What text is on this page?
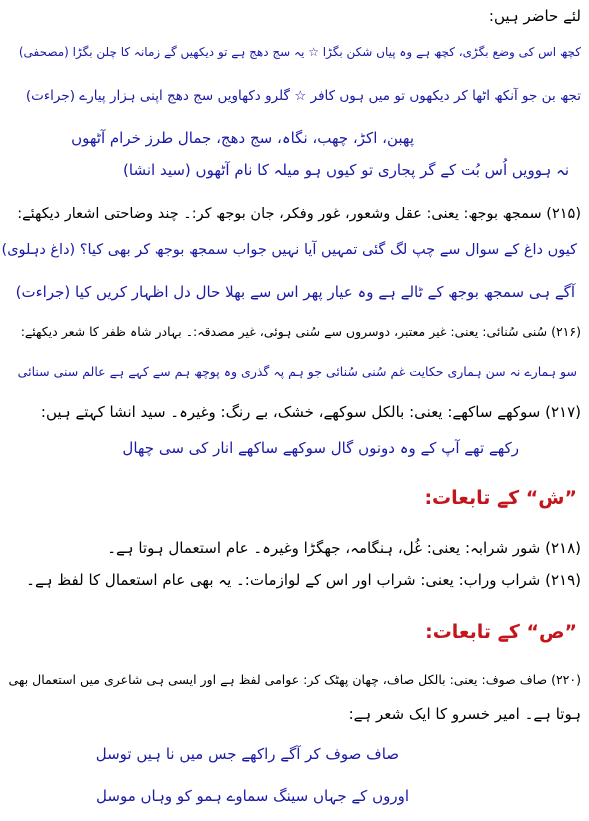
لئے حاضر ہیں:
کچھ اس کی وضع بگڑی، کچھ ہے وہ پیاں شکن بگڑا ☆ یہ سج دھج ہے تو دیکھیں گے زمانہ کا چلن بگڑا (مصحفی)
تجھ بن جو آنکھ اٹھا کر دیکھوں تو میں ہوں کافر ☆ گلرو دکھاویں سج دھج اپنی ہزار پیارے (جراءت)
پھبن، اکڑ، چھب، نگاہ، سج دھج، جمال طرز خرام آٹھوں
نہ ہوویں اُس بُت کے گر پجاری تو کیوں ہو میلہ کا نام آٹھوں (سید انشا)
(۲۱۵) سمجھ بوجھ: یعنی: عقل وشعور، غور وفکر، جان بوجھ کر:۔ چند وضاحتی اشعار دیکھئے:
کیوں داغ کے سوال سے چپ لگ گئی تمہیں آیا نہیں جواب سمجھ بوجھ کر بھی کیا؟ (داغ دہلوی)
آگے ہی سمجھ بوجھ کے ٹالے ہے وہ عیار پھر اس سے بھلا حال دل اظہار کریں کیا (جراءت)
(۲۱۶) سُنی سُنائی: یعنی: غیر معتبر، دوسروں سے سُنی ہوئی، غیر مصدقہ:۔ بہادر شاہ ظفر کا شعر دیکھئے:
سو ہمارے نہ سن ہماری حکایت غم سُنی سُنائی جو ہم پہ گذری وہ پوچھ ہم سے کہے ہے عالم سنی سنائی
(۲۱۷) سوکھے ساکھے: یعنی: بالکل سوکھے، خشک، بے رنگ: وغیرہ۔ سید انشا کہتے ہیں:
رکھے تھے آپ کے وہ دونوں گال سوکھے ساکھے انار کی سی چھال
”ش“ کے تابعات:
(۲۱۸) شور شرابہ: یعنی: غُل، ہنگامہ، جھگڑا وغیرہ۔ عام استعمال ہوتا ہے۔
(۲۱۹) شراب وراب: یعنی: شراب اور اس کے لوازمات:۔ یہ بھی عام استعمال کا لفظ ہے۔
”ص“ کے تابعات:
(۲۲۰) صاف صوف: یعنی: بالکل صاف، چھان پھٹک کر: عوامی لفظ ہے اور ایسی ہی شاعری میں استعمال بھی
ہوتا ہے۔ امیر خسرو کا ایک شعر ہے:
صاف صوف کر آگے راکھے جس میں نا ہیں توسل
اوروں کے جہاں سینگ سماوے ہمو کو وہاں موسل
